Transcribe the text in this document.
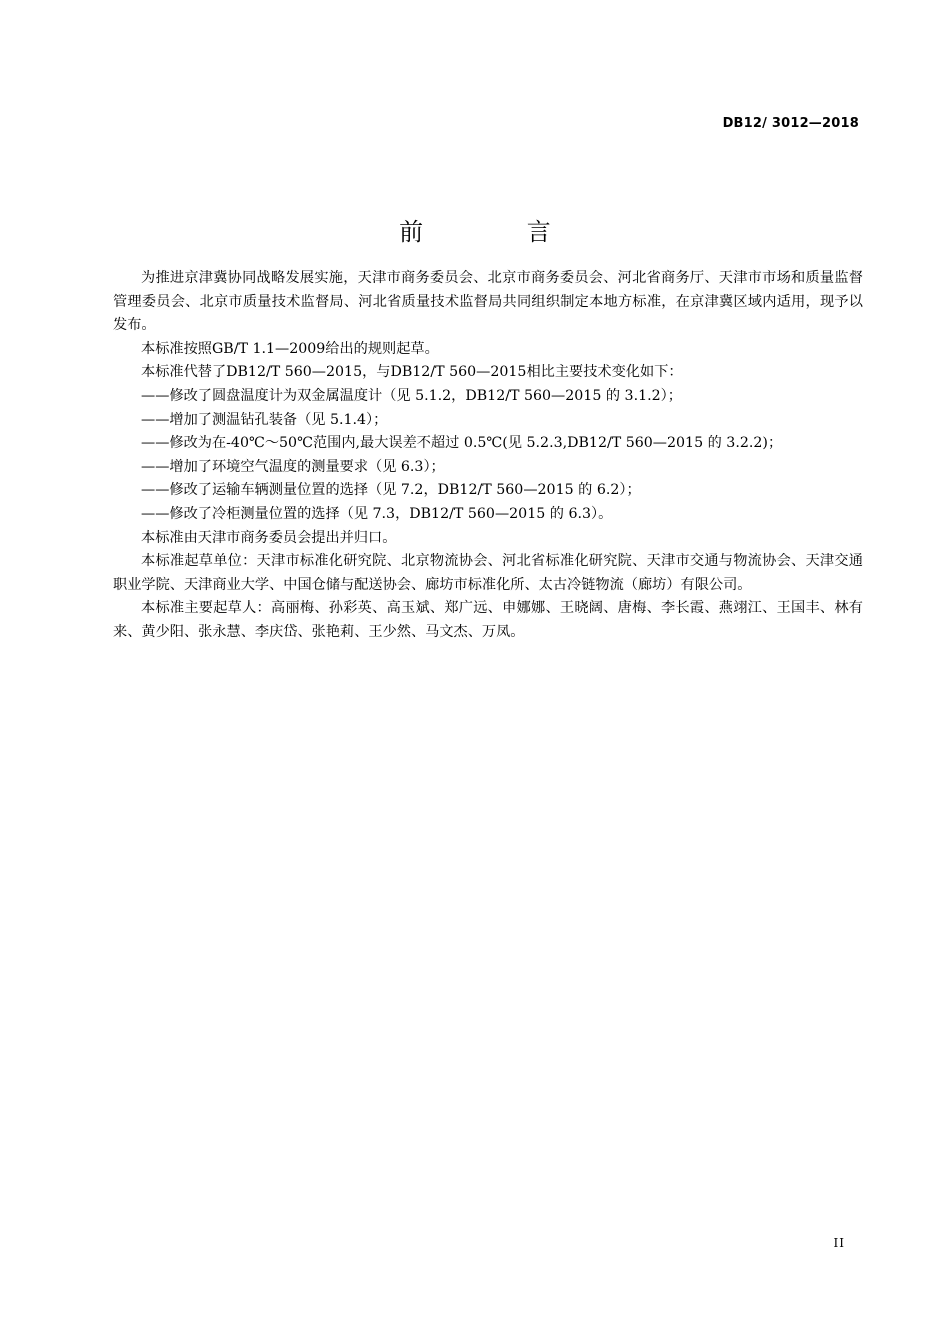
DB12/ 3012—2018
前 言

为推进京津冀协同战略发展实施，天津市商务委员会、北京市商务委员会、河北省商务厅、天津市市场和质量监督管理委员会、北京市质量技术监督局、河北省质量技术监督局共同组织制定本地方标准，在京津冀区域内适用，现予以发布。

本标准按照GB/T 1.1—2009给出的规则起草。

本标准代替了DB12/T 560—2015，与DB12/T 560—2015相比主要技术变化如下：

——修改了圆盘温度计为双金属温度计（见 5.1.2，DB12/T 560—2015 的 3.1.2）；

——增加了测温钻孔装备（见 5.1.4）；

——修改为在-40℃～50℃范围内,最大误差不超过 0.5℃(见 5.2.3,DB12/T 560—2015 的 3.2.2)；

——增加了环境空气温度的测量要求（见 6.3）；

——修改了运输车辆测量位置的选择（见 7.2，DB12/T 560—2015 的 6.2）；

——修改了冷柜测量位置的选择（见 7.3，DB12/T 560—2015 的 6.3）。

本标准由天津市商务委员会提出并归口。

本标准起草单位：天津市标准化研究院、北京物流协会、河北省标准化研究院、天津市交通与物流协会、天津交通职业学院、天津商业大学、中国仓储与配送协会、廊坊市标准化所、太古冷链物流（廊坊）有限公司。

本标准主要起草人：高丽梅、孙彩英、高玉斌、郑广远、申娜娜、王晓阔、唐梅、李长霞、燕翊江、王国丰、林有来、黄少阳、张永慧、李庆岱、张艳莉、王少然、马文杰、万凤。

II
